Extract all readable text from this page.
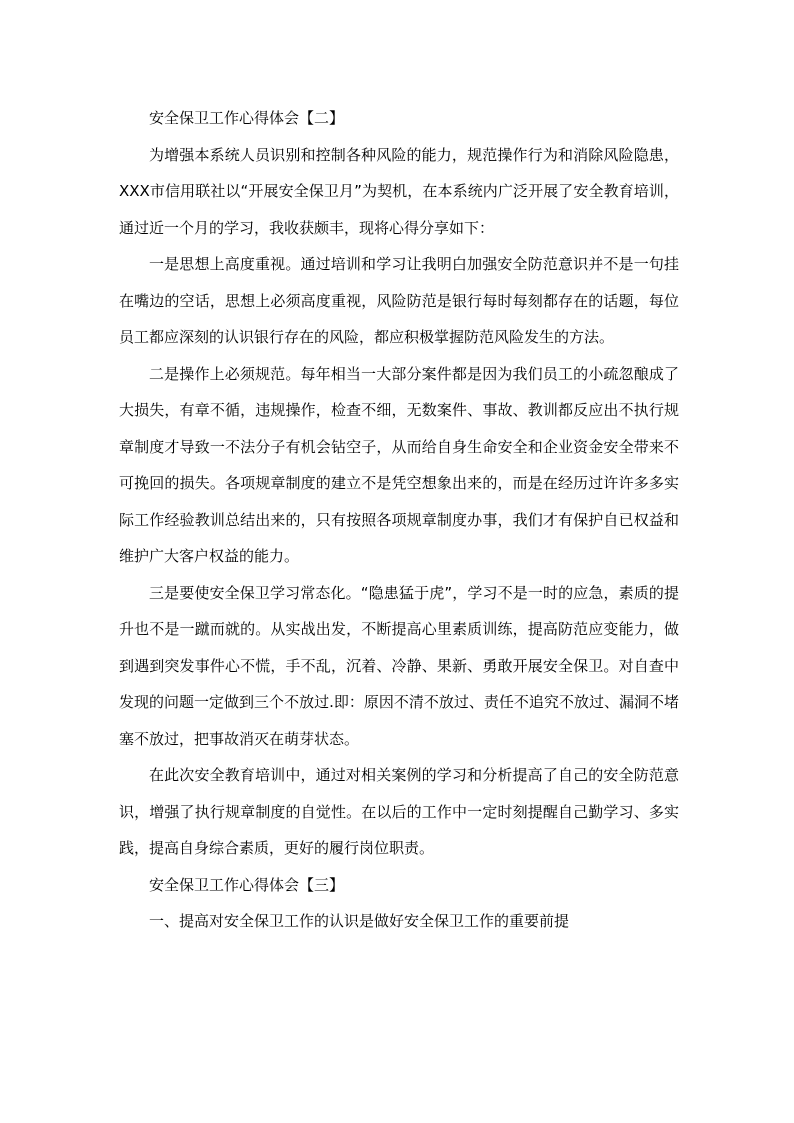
安全保卫工作心得体会【二】

为增强本系统人员识别和控制各种风险的能力，规范操作行为和消除风险隐患，XXX市信用联社以“开展安全保卫月”为契机，在本系统内广泛开展了安全教育培训，通过近一个月的学习，我收获颇丰，现将心得分享如下：

一是思想上高度重视。通过培训和学习让我明白加强安全防范意识并不是一句挂在嘴边的空话，思想上必须高度重视，风险防范是银行每时每刻都存在的话题，每位员工都应深刻的认识银行存在的风险，都应积极掌握防范风险发生的方法。

二是操作上必须规范。每年相当一大部分案件都是因为我们员工的小疏忽酿成了大损失，有章不循，违规操作，检查不细，无数案件、事故、教训都反应出不执行规章制度才导致一不法分子有机会钻空子，从而给自身生命安全和企业资金安全带来不可挽回的损失。各项规章制度的建立不是凭空想象出来的，而是在经历过许许多多实际工作经验教训总结出来的，只有按照各项规章制度办事，我们才有保护自已权益和维护广大客户权益的能力。

三是要使安全保卫学习常态化。“隐患猛于虎”，学习不是一时的应急，素质的提升也不是一蹴而就的。从实战出发，不断提高心里素质训练，提高防范应变能力，做到遇到突发事件心不慌，手不乱，沉着、冷静、果新、勇敢开展安全保卫。对自查中发现的问题一定做到三个不放过.即：原因不清不放过、责任不追究不放过、漏洞不堵塞不放过，把事故消灭在萌芽状态。

在此次安全教育培训中，通过对相关案例的学习和分析提高了自己的安全防范意识，增强了执行规章制度的自觉性。在以后的工作中一定时刻提醒自己勤学习、多实践，提高自身综合素质，更好的履行岗位职责。

安全保卫工作心得体会【三】

一、提高对安全保卫工作的认识是做好安全保卫工作的重要前提
